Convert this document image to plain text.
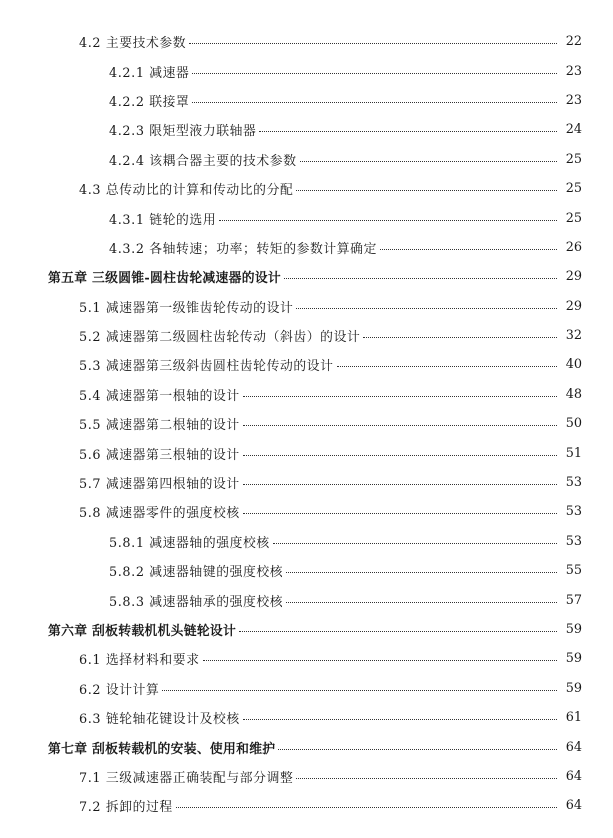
4.2 主要技术参数	22
4.2.1 减速器	23
4.2.2 联接罩	23
4.2.3 限矩型液力联轴器	24
4.2.4 该耦合器主要的技术参数	25
4.3 总传动比的计算和传动比的分配	25
4.3.1 链轮的选用	25
4.3.2 各轴转速；功率；转矩的参数计算确定	26
第五章 三级圆锥-圆柱齿轮减速器的设计	29
5.1 减速器第一级锥齿轮传动的设计	29
5.2 减速器第二级圆柱齿轮传动（斜齿）的设计	32
5.3 减速器第三级斜齿圆柱齿轮传动的设计	40
5.4 减速器第一根轴的设计	48
5.5 减速器第二根轴的设计	50
5.6 减速器第三根轴的设计	51
5.7 减速器第四根轴的设计	53
5.8 减速器零件的强度校核	53
5.8.1 减速器轴的强度校核	53
5.8.2 减速器轴键的强度校核	55
5.8.3 减速器轴承的强度校核	57
第六章 刮板转载机机头链轮设计	59
6.1 选择材料和要求	59
6.2 设计计算	59
6.3 链轮轴花键设计及校核	61
第七章 刮板转载机的安装、使用和维护	64
7.1 三级减速器正确装配与部分调整	64
7.2 拆卸的过程	64
